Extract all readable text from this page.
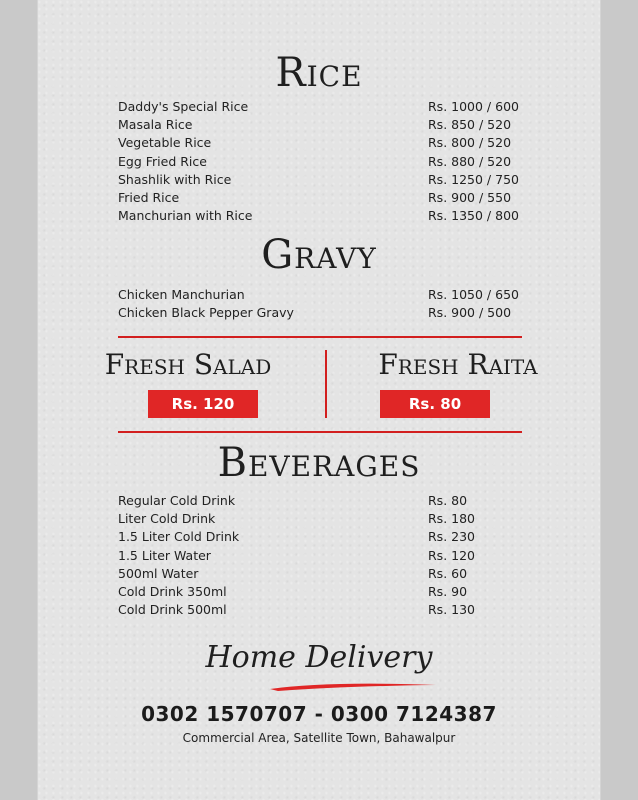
Rice
Daddy's Special Rice	Rs. 1000 / 600
Masala Rice	Rs. 850 / 520
Vegetable Rice	Rs. 800 / 520
Egg Fried Rice	Rs. 880 / 520
Shashlik with Rice	Rs. 1250 / 750
Fried Rice	Rs. 900 / 550
Manchurian with Rice	Rs. 1350 / 800
Gravy
Chicken Manchurian	Rs. 1050 / 650
Chicken Black Pepper Gravy	Rs. 900 / 500
Fresh Salad
Rs. 120
Fresh Raita
Rs. 80
Beverages
Regular Cold Drink	Rs. 80
Liter Cold Drink	Rs. 180
1.5 Liter Cold Drink	Rs. 230
1.5 Liter Water	Rs. 120
500ml Water	Rs. 60
Cold Drink 350ml	Rs. 90
Cold Drink 500ml	Rs. 130
Home Delivery
0302 1570707 - 0300 7124387
Commercial Area, Satellite Town, Bahawalpur
